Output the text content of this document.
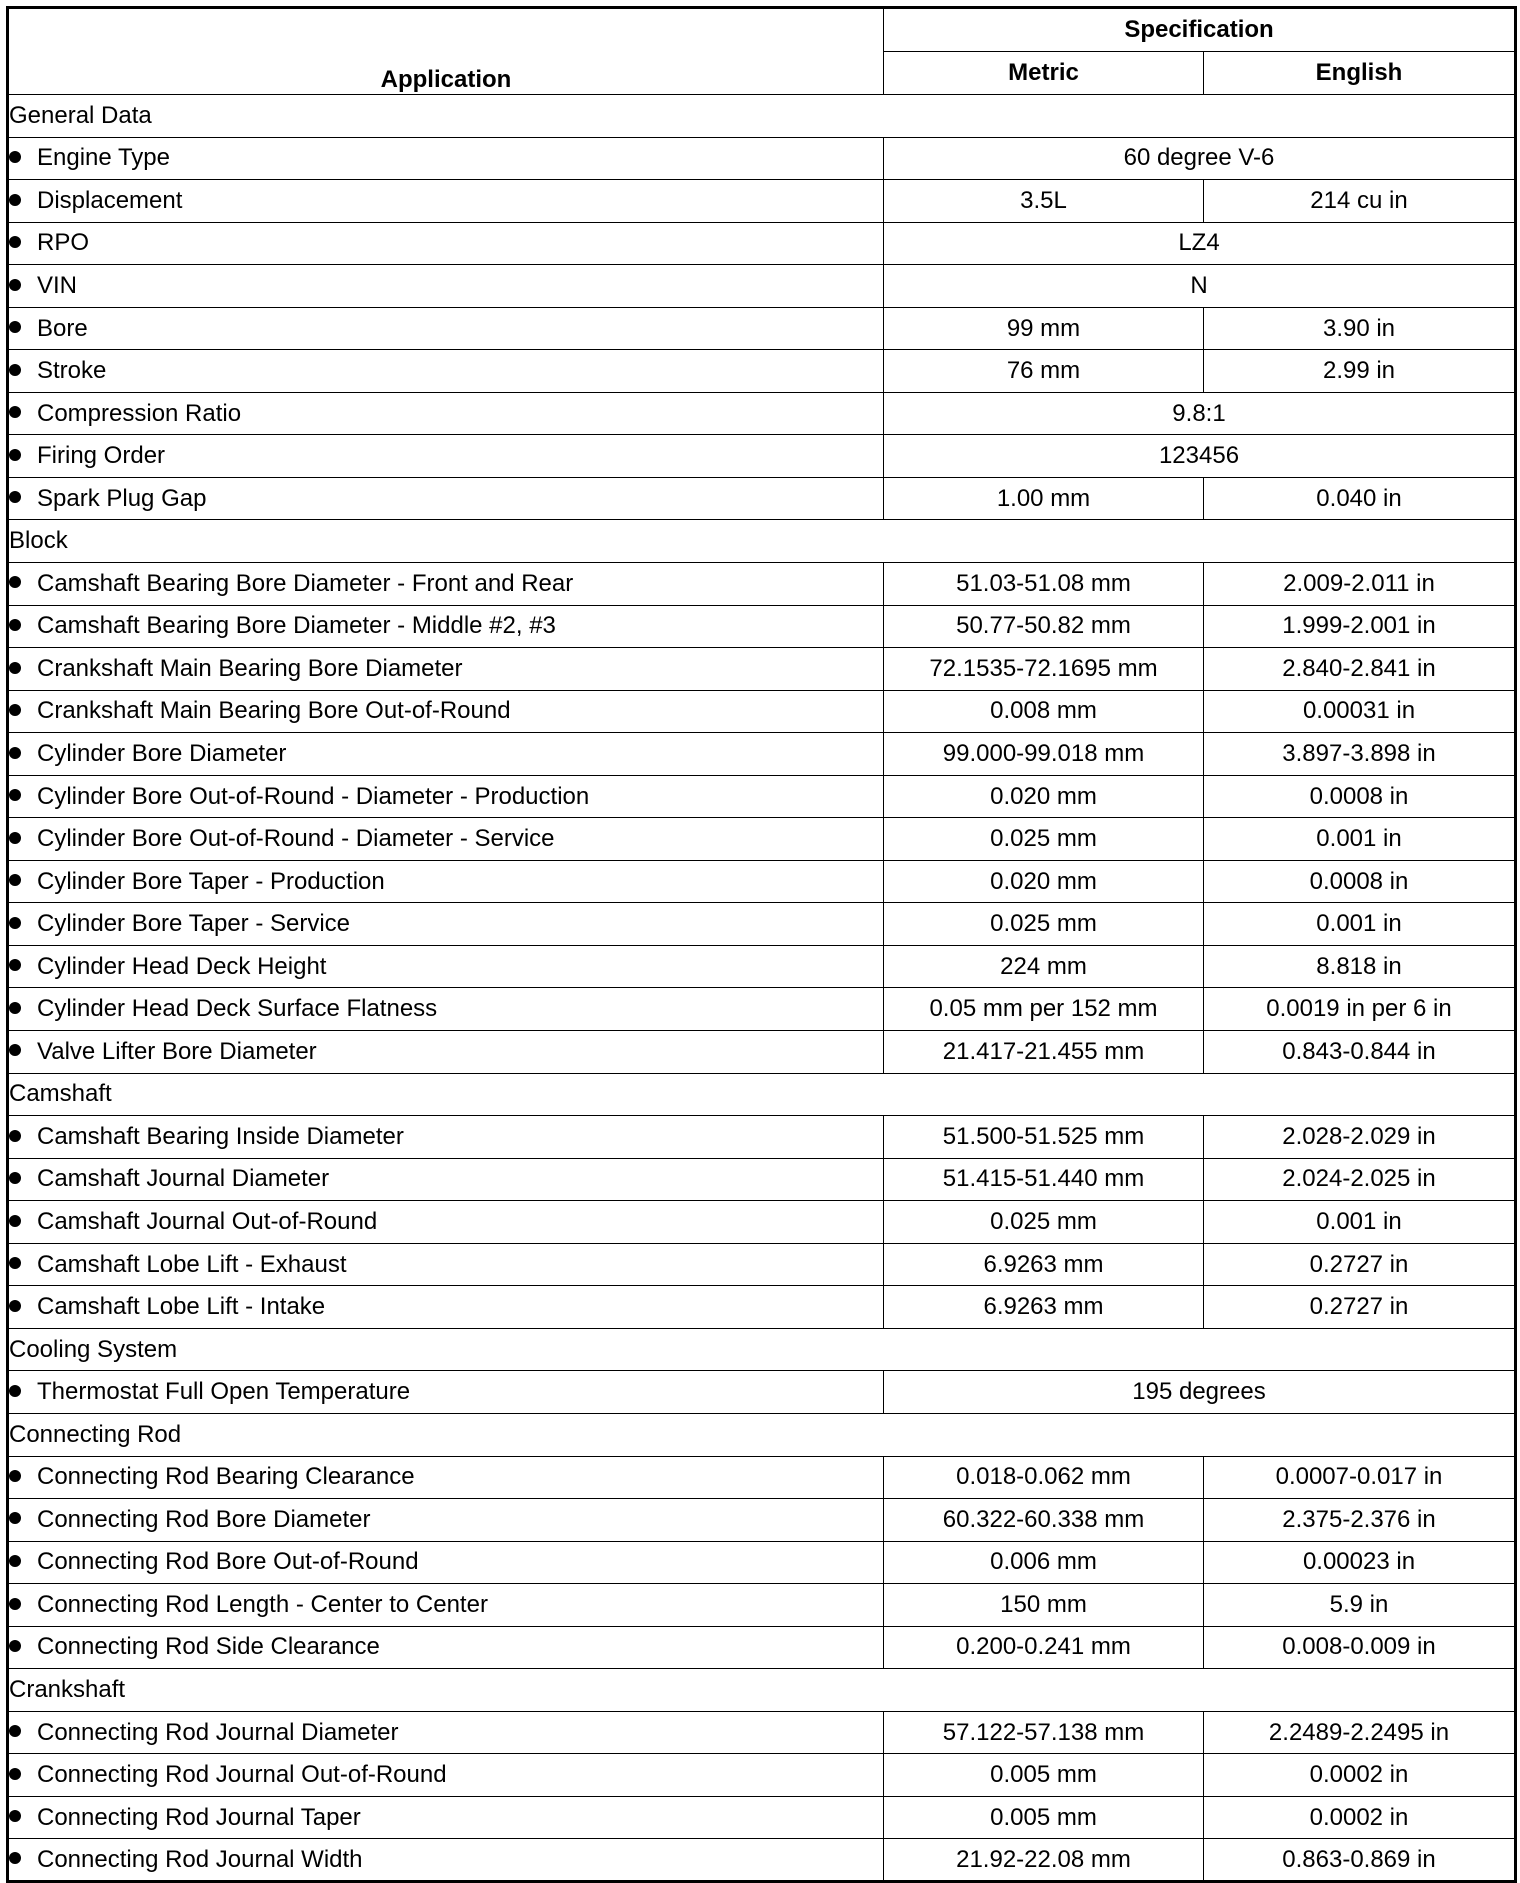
Application	Specification	
	Metric	English
General Data		
Engine Type	60 degree V-6	
Displacement	3.5L	214 cu in
RPO	LZ4	
VIN	N	
Bore	99 mm	3.90 in
Stroke	76 mm	2.99 in
Compression Ratio	9.8:1	
Firing Order	123456	
Spark Plug Gap	1.00 mm	0.040 in
Block		
Camshaft Bearing Bore Diameter - Front and Rear	51.03-51.08 mm	2.009-2.011 in
Camshaft Bearing Bore Diameter - Middle #2, #3	50.77-50.82 mm	1.999-2.001 in
Crankshaft Main Bearing Bore Diameter	72.1535-72.1695 mm	2.840-2.841 in
Crankshaft Main Bearing Bore Out-of-Round	0.008 mm	0.00031 in
Cylinder Bore Diameter	99.000-99.018 mm	3.897-3.898 in
Cylinder Bore Out-of-Round - Diameter - Production	0.020 mm	0.0008 in
Cylinder Bore Out-of-Round - Diameter - Service	0.025 mm	0.001 in
Cylinder Bore Taper - Production	0.020 mm	0.0008 in
Cylinder Bore Taper - Service	0.025 mm	0.001 in
Cylinder Head Deck Height	224 mm	8.818 in
Cylinder Head Deck Surface Flatness	0.05 mm per 152 mm	0.0019 in per 6 in
Valve Lifter Bore Diameter	21.417-21.455 mm	0.843-0.844 in
Camshaft		
Camshaft Bearing Inside Diameter	51.500-51.525 mm	2.028-2.029 in
Camshaft Journal Diameter	51.415-51.440 mm	2.024-2.025 in
Camshaft Journal Out-of-Round	0.025 mm	0.001 in
Camshaft Lobe Lift - Exhaust	6.9263 mm	0.2727 in
Camshaft Lobe Lift - Intake	6.9263 mm	0.2727 in
Cooling System		
Thermostat Full Open Temperature	195 degrees	
Connecting Rod		
Connecting Rod Bearing Clearance	0.018-0.062 mm	0.0007-0.017 in
Connecting Rod Bore Diameter	60.322-60.338 mm	2.375-2.376 in
Connecting Rod Bore Out-of-Round	0.006 mm	0.00023 in
Connecting Rod Length - Center to Center	150 mm	5.9 in
Connecting Rod Side Clearance	0.200-0.241 mm	0.008-0.009 in
Crankshaft		
Connecting Rod Journal Diameter	57.122-57.138 mm	2.2489-2.2495 in
Connecting Rod Journal Out-of-Round	0.005 mm	0.0002 in
Connecting Rod Journal Taper	0.005 mm	0.0002 in
Connecting Rod Journal Width	21.92-22.08 mm	0.863-0.869 in
